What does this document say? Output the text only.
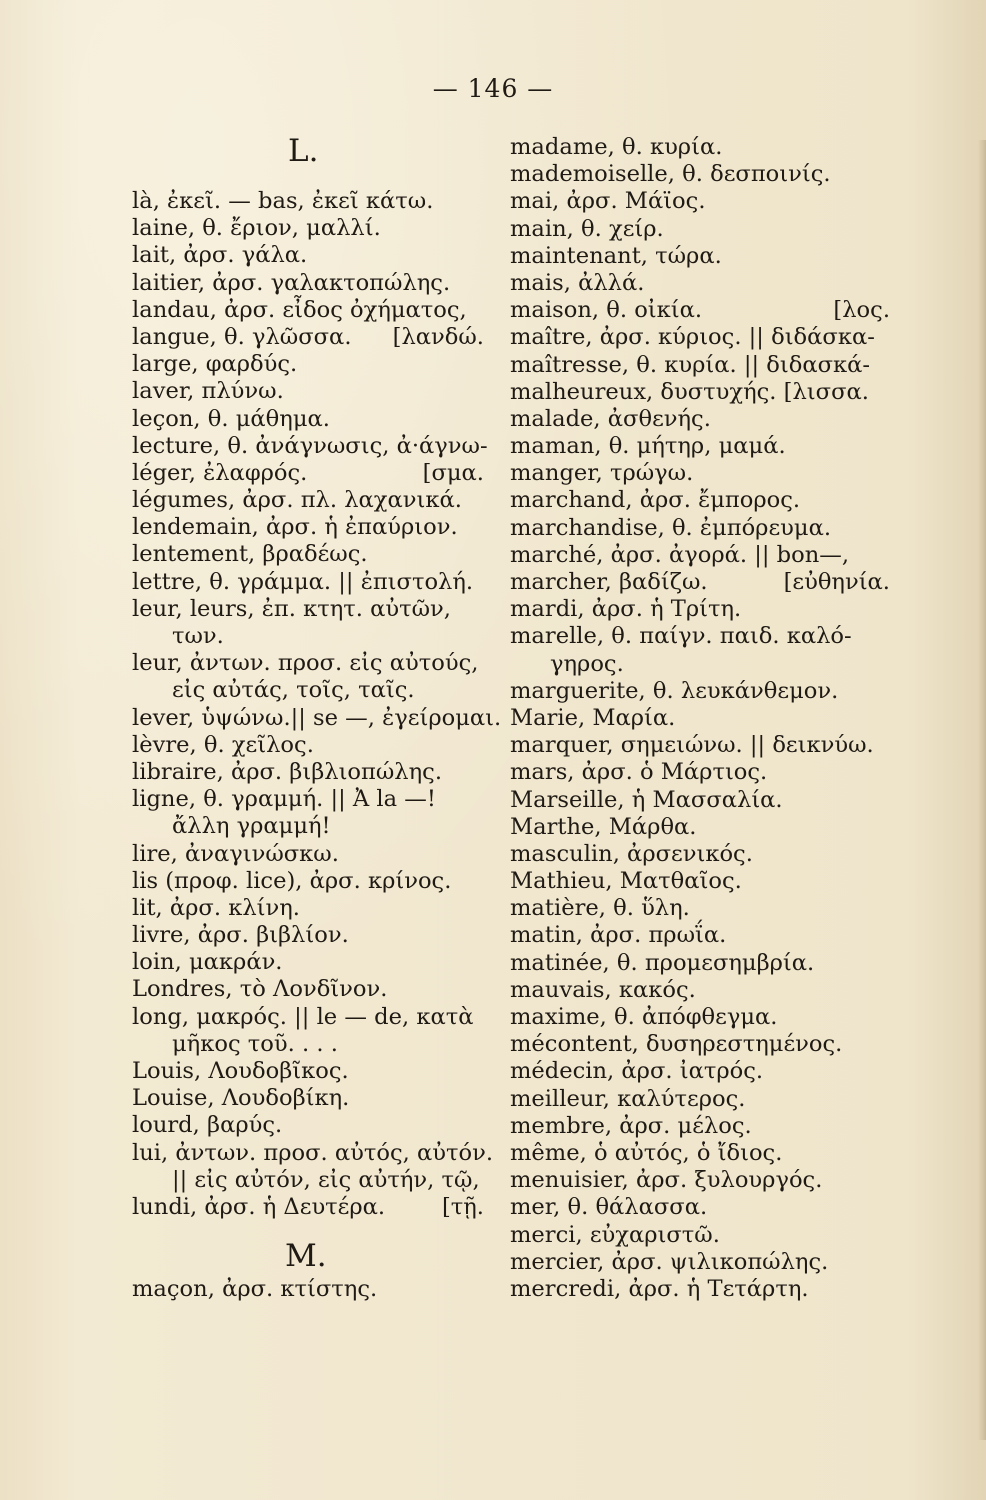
— 146 —
L.
là, ἐκεῖ. — bas, ἐκεῖ κάτω.
laine, θ. ἔριον, μαλλί.
lait, ἀρσ. γάλα.
laitier, ἀρσ. γαλακτοπώλης.
landau, ἀρσ. εἶδος ὀχήματος,
langue, θ. γλῶσσα. [λανδώ.
large, φαρδύς.
laver, πλύνω.
leçon, θ. μάθημα.
lecture, θ. ἀνάγνωσις, ἀ·άγνω-
léger, ἐλαφρός.	[σμα.
légumes, ἀρσ. πλ. λαχανικά.
lendemain, ἀρσ. ἡ ἐπαύριον.
lentement, βραδέως.
lettre, θ. γράμμα. || ἐπιστολή.
leur, leurs, ἐπ. κτητ. αὐτῶν,
των.
leur, ἀντων. προσ. εἰς αὐτούς,
εἰς αὐτάς, τοῖς, ταῖς.
lever, ὑψώνω.|| se —, ἐγείρομαι.
lèvre, θ. χεῖλος.
libraire, ἀρσ. βιβλιοπώλης.
ligne, θ. γραμμή. || Ἀ la —!
ἄλλη γραμμή!
lire, ἀναγινώσκω.
lis (προφ. lice), ἀρσ. κρίνος.
lit, ἀρσ. κλίνη.
livre, ἀρσ. βιβλίον.
loin, μακράν.
Londres, τὸ Λονδῖνον.
long, μακρός. || le — de, κατὰ
μῆκος τοῦ. . . .
Louis, Λουδοβῖκος.
Louise, Λουδοβίκη.
lourd, βαρύς.
lui, ἀντων. προσ. αὐτός, αὐτόν.
|| εἰς αὐτόν, εἰς αὐτήν, τῷ,
lundi, ἀρσ. ἡ Δευτέρα.	[τῇ.
M.
maçon, ἀρσ. κτίστης.
madame, θ. κυρία.
mademoiselle, θ. δεσποινίς.
mai, ἀρσ. Μάϊος.
main, θ. χείρ.
maintenant, τώρα.
mais, ἀλλά.
maison, θ. οἰκία.	[λος.
maître, ἀρσ. κύριος. || διδάσκα-
maîtresse, θ. κυρία. || διδασκά-
malheureux, δυστυχής. [λισσα.
malade, ἀσθενής.
maman, θ. μήτηρ, μαμά.
manger, τρώγω.
marchand, ἀρσ. ἔμπορος.
marchandise, θ. ἐμπόρευμα.
marché, ἀρσ. ἀγορά. || bon—,
marcher, βαδίζω.	[εὐθηνία.
mardi, ἀρσ. ἡ Τρίτη.
marelle, θ. παίγν. παιδ. καλό-
γηρος.
marguerite, θ. λευκάνθεμον.
Marie, Μαρία.
marquer, σημειώνω. || δεικνύω.
mars, ἀρσ. ὁ Μάρτιος.
Marseille, ἡ Μασσαλία.
Marthe, Μάρθα.
masculin, ἀρσενικός.
Mathieu, Ματθαῖος.
matière, θ. ὕλη.
matin, ἀρσ. πρωΐα.
matinée, θ. προμεσημβρία.
mauvais, κακός.
maxime, θ. ἀπόφθεγμα.
mécontent, δυσηρεστημένος.
médecin, ἀρσ. ἰατρός.
meilleur, καλύτερος.
membre, ἀρσ. μέλος.
même, ὁ αὐτός, ὁ ἴδιος.
menuisier, ἀρσ. ξυλουργός.
mer, θ. θάλασσα.
merci, εὐχαριστῶ.
mercier, ἀρσ. ψιλικοπώλης.
mercredi, ἀρσ. ἡ Τετάρτη.
